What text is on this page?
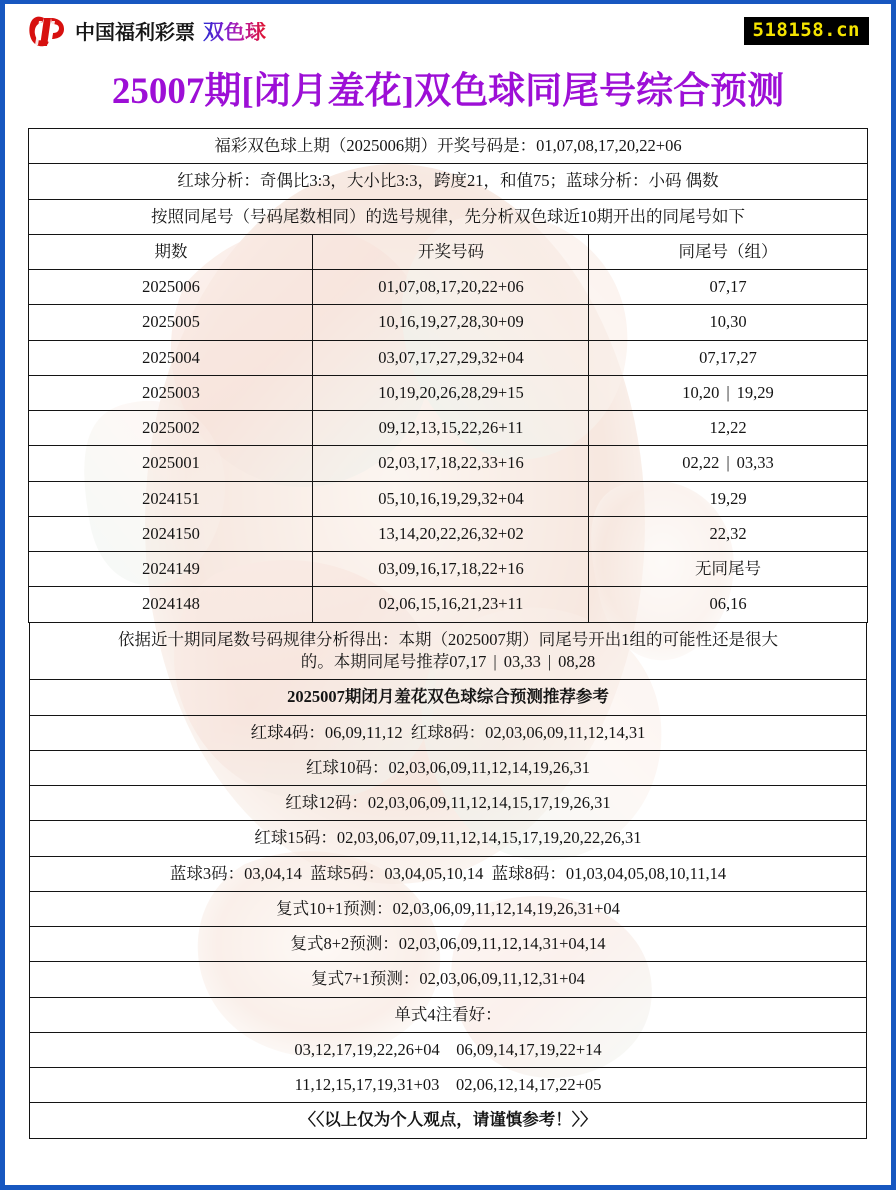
中国福利彩票 双色球	518158.cn
25007期[闭月羞花]双色球同尾号综合预测
福彩双色球上期（2025006期）开奖号码是：01,07,08,17,20,22+06		
红球分析：奇偶比3:3，大小比3:3，跨度21，和值75；蓝球分析：小码 偶数		
按照同尾号（号码尾数相同）的选号规律，先分析双色球近10期开出的同尾号如下		
期数	开奖号码	同尾号（组）
2025006	01,07,08,17,20,22+06	07,17
2025005	10,16,19,27,28,30+09	10,30
2025004	03,07,17,27,29,32+04	07,17,27
2025003	10,19,20,26,28,29+15	10,20 | 19,29
2025002	09,12,13,15,22,26+11	12,22
2025001	02,03,17,18,22,33+16	02,22 | 03,33
2024151	05,10,16,19,29,32+04	19,29
2024150	13,14,20,22,26,32+02	22,32
2024149	03,09,16,17,18,22+16	无同尾号
2024148	02,06,15,16,21,23+11	06,16
依据近十期同尾数号码规律分析得出：本期（2025007期）同尾号开出1组的可能性还是很大
的。本期同尾号推荐07,17 | 03,33 | 08,28
2025007期闭月羞花双色球综合预测推荐参考
红球4码：06,09,11,12 红球8码：02,03,06,09,11,12,14,31
红球10码：02,03,06,09,11,12,14,19,26,31
红球12码：02,03,06,09,11,12,14,15,17,19,26,31
红球15码：02,03,06,07,09,11,12,14,15,17,19,20,22,26,31
蓝球3码：03,04,14 蓝球5码：03,04,05,10,14 蓝球8码：01,03,04,05,08,10,11,14
复式10+1预测：02,03,06,09,11,12,14,19,26,31+04
复式8+2预测：02,03,06,09,11,12,14,31+04,14
复式7+1预测：02,03,06,09,11,12,31+04
单式4注看好：
03,12,17,19,22,26+04 06,09,14,17,19,22+14
11,12,15,17,19,31+03 02,06,12,14,17,22+05
〈〈以上仅为个人观点，请谨慎参考！〉〉
